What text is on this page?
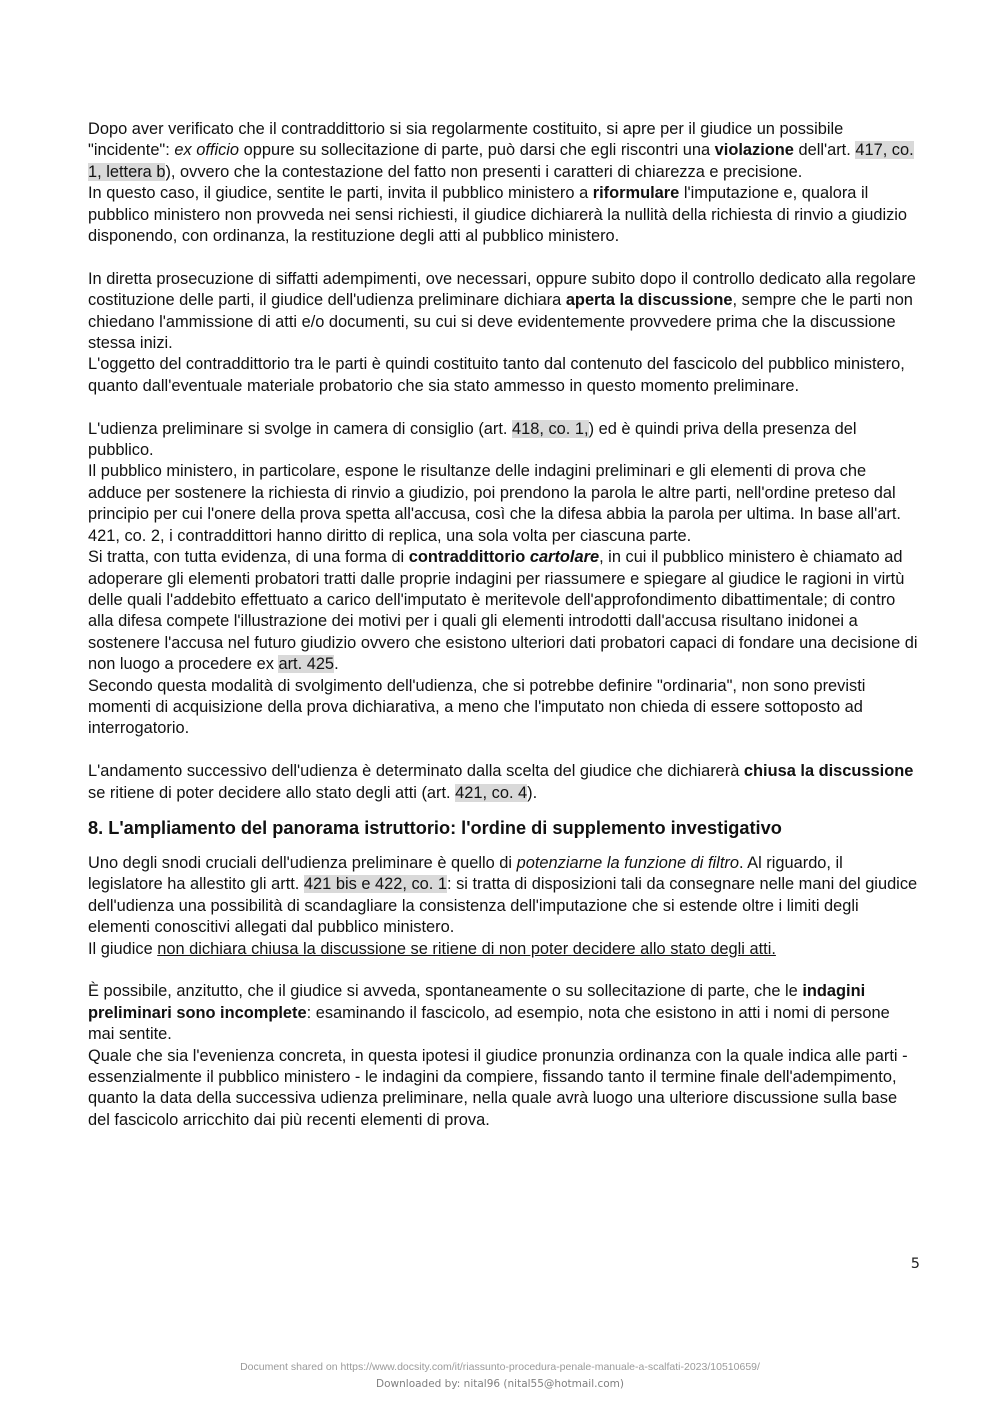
Dopo aver verificato che il contraddittorio si sia regolarmente costituito, si apre per il giudice un possibile "incidente": ex officio oppure su sollecitazione di parte, può darsi che egli riscontri una violazione dell'art. 417, co. 1, lettera b), ovvero che la contestazione del fatto non presenti i caratteri di chiarezza e precisione.

In questo caso, il giudice, sentite le parti, invita il pubblico ministero a riformulare l'imputazione e, qualora il pubblico ministero non provveda nei sensi richiesti, il giudice dichiarerà la nullità della richiesta di rinvio a giudizio disponendo, con ordinanza, la restituzione degli atti al pubblico ministero.

In diretta prosecuzione di siffatti adempimenti, ove necessari, oppure subito dopo il controllo dedicato alla regolare costituzione delle parti, il giudice dell'udienza preliminare dichiara aperta la discussione, sempre che le parti non chiedano l'ammissione di atti e/o documenti, su cui si deve evidentemente provvedere prima che la discussione stessa inizi.

L'oggetto del contraddittorio tra le parti è quindi costituito tanto dal contenuto del fascicolo del pubblico ministero, quanto dall'eventuale materiale probatorio che sia stato ammesso in questo momento preliminare.

L'udienza preliminare si svolge in camera di consiglio (art. 418, co. 1,) ed è quindi priva della presenza del pubblico.

Il pubblico ministero, in particolare, espone le risultanze delle indagini preliminari e gli elementi di prova che adduce per sostenere la richiesta di rinvio a giudizio, poi prendono la parola le altre parti, nell'ordine preteso dal principio per cui l'onere della prova spetta all'accusa, così che la difesa abbia la parola per ultima. In base all'art. 421, co. 2, i contraddittori hanno diritto di replica, una sola volta per ciascuna parte.

Si tratta, con tutta evidenza, di una forma di contraddittorio cartolare, in cui il pubblico ministero è chiamato ad adoperare gli elementi probatori tratti dalle proprie indagini per riassumere e spiegare al giudice le ragioni in virtù delle quali l'addebito effettuato a carico dell'imputato è meritevole dell'approfondimento dibattimentale; di contro alla difesa compete l'illustrazione dei motivi per i quali gli elementi introdotti dall'accusa risultano inidonei a sostenere l'accusa nel futuro giudizio ovvero che esistono ulteriori dati probatori capaci di fondare una decisione di non luogo a procedere ex art. 425.

Secondo questa modalità di svolgimento dell'udienza, che si potrebbe definire "ordinaria", non sono previsti momenti di acquisizione della prova dichiarativa, a meno che l'imputato non chieda di essere sottoposto ad interrogatorio.

L'andamento successivo dell'udienza è determinato dalla scelta del giudice che dichiarerà chiusa la discussione se ritiene di poter decidere allo stato degli atti (art. 421, co. 4).

8. L'ampliamento del panorama istruttorio: l'ordine di supplemento investigativo

Uno degli snodi cruciali dell'udienza preliminare è quello di potenziarne la funzione di filtro. Al riguardo, il legislatore ha allestito gli artt. 421 bis e 422, co. 1: si tratta di disposizioni tali da consegnare nelle mani del giudice dell'udienza una possibilità di scandagliare la consistenza dell'imputazione che si estende oltre i limiti degli elementi conoscitivi allegati dal pubblico ministero.

Il giudice non dichiara chiusa la discussione se ritiene di non poter decidere allo stato degli atti.

È possibile, anzitutto, che il giudice si avveda, spontaneamente o su sollecitazione di parte, che le indagini preliminari sono incomplete: esaminando il fascicolo, ad esempio, nota che esistono in atti i nomi di persone mai sentite.

Quale che sia l'evenienza concreta, in questa ipotesi il giudice pronunzia ordinanza con la quale indica alle parti - essenzialmente il pubblico ministero - le indagini da compiere, fissando tanto il termine finale dell'adempimento, quanto la data della successiva udienza preliminare, nella quale avrà luogo una ulteriore discussione sulla base del fascicolo arricchito dai più recenti elementi di prova.

5
Document shared on https://www.docsity.com/it/riassunto-procedura-penale-manuale-a-scalfati-2023/10510659/
Downloaded by: nital96 (nital55@hotmail.com)
